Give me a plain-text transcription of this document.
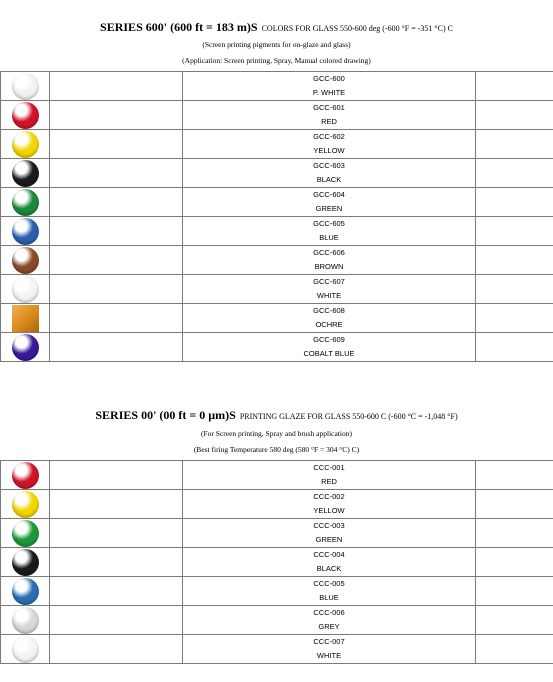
SERIES 600' (600 ft = 183 m)S COLORS FOR GLASS 550-600 deg (-600 °F = -351 °C) C
(Screen printing pigments for on-glaze and glass)
(Application: Screen printing, Spray, Manual colored drawing)

		GCC-600
P. WHITE	

		GCC-601
RED	

		GCC-602
YELLOW	

		GCC-603
BLACK	

		GCC-604
GREEN	

		GCC-605
BLUE	

		GCC-606
BROWN	

		GCC-607
WHITE	

		GCC-608
OCHRE	

		GCC-609
COBALT BLUE	

SERIES 00' (00 ft = 0 µm)S PRINTING GLAZE FOR GLASS 550-600 C (-600 °C = -1,048 °F)
(For Screen printing, Spray and brush application)
(Best firing Temperature 580 deg (580 °F = 304 °C) C)

		CCC-001
RED	

		CCC-002
YELLOW	

		CCC-003
GREEN	

		CCC-004
BLACK	

		CCC-005
BLUE	

		CCC-006
GREY	

		CCC-007
WHITE	
